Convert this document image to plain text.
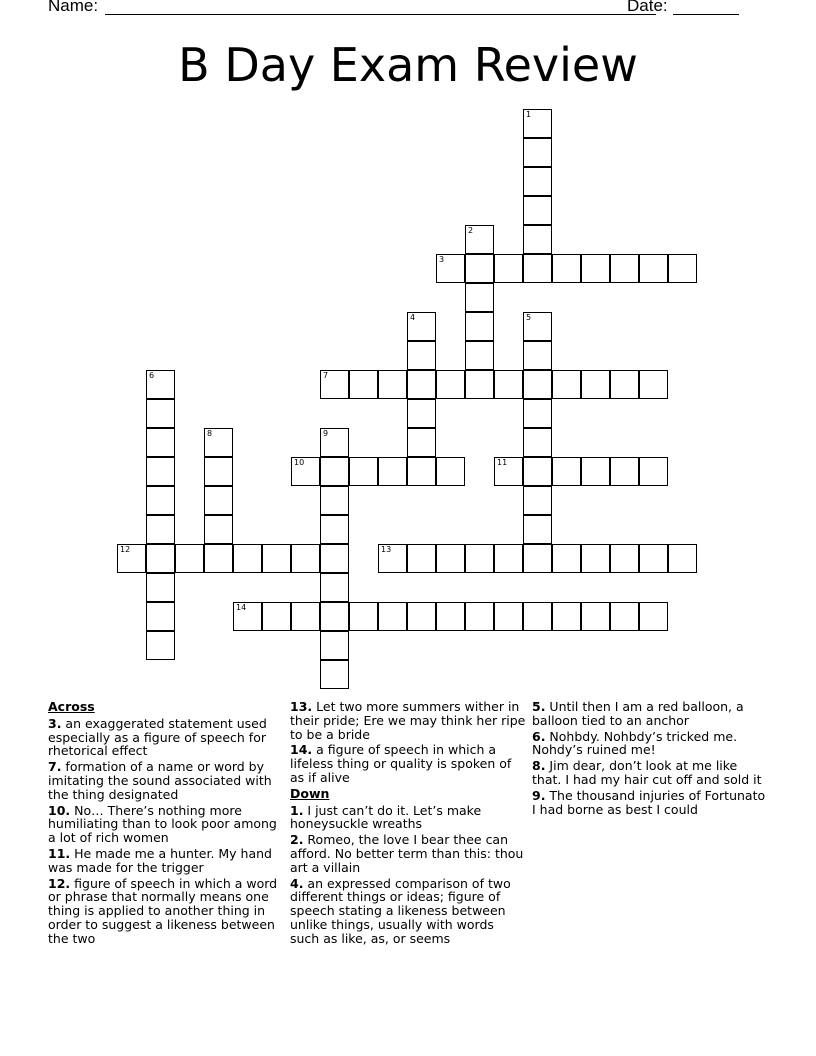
Name:	Date:
B Day Exam Review
1
2
3
4	5
6	7
8	9
10	11
12	13
14
Across
3. an exaggerated statement used especially as a figure of speech for rhetorical effect
7. formation of a name or word by imitating the sound associated with the thing designated
10. No… There’s nothing more humiliating than to look poor among a lot of rich women
11. He made me a hunter. My hand was made for the trigger
12. figure of speech in which a word or phrase that normally means one thing is applied to another thing in order to suggest a likeness between the two
13. Let two more summers wither in their pride; Ere we may think her ripe to be a bride
14. a figure of speech in which a lifeless thing or quality is spoken of as if alive
Down
1. I just can’t do it. Let’s make honeysuckle wreaths
2. Romeo, the love I bear thee can afford. No better term than this: thou art a villain
4. an expressed comparison of two different things or ideas; figure of speech stating a likeness between unlike things, usually with words such as like, as, or seems
5. Until then I am a red balloon, a balloon tied to an anchor
6. Nohbdy. Nohbdy’s tricked me. Nohdy’s ruined me!
8. Jim dear, don’t look at me like that. I had my hair cut off and sold it
9. The thousand injuries of Fortunato I had borne as best I could
